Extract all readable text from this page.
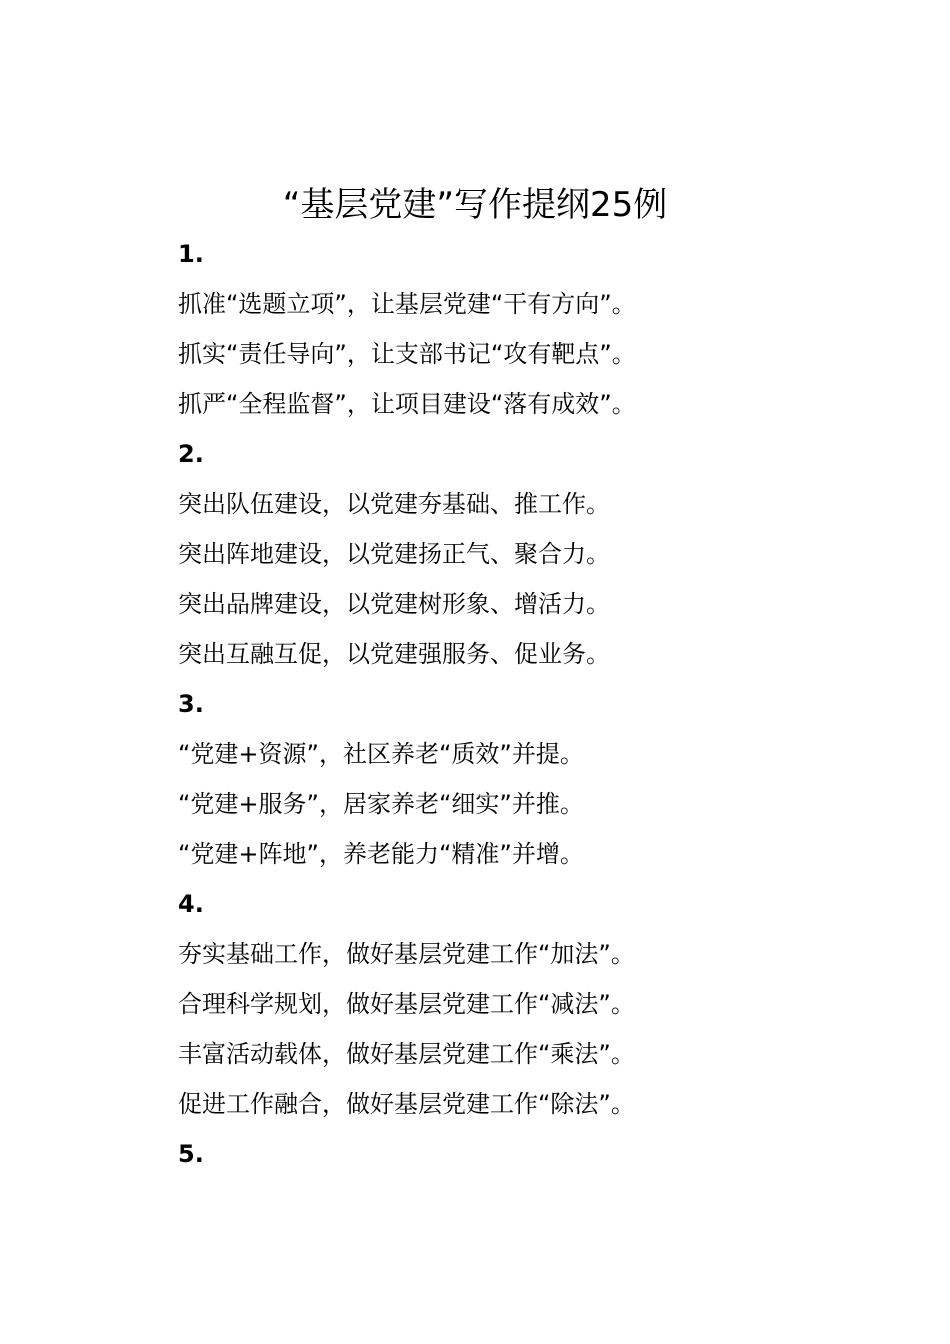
“基层党建”写作提纲25例
1.
抓准“选题立项”，让基层党建“干有方向”。
抓实“责任导向”，让支部书记“攻有靶点”。
抓严“全程监督”，让项目建设“落有成效”。
2.
突出队伍建设，以党建夯基础、推工作。
突出阵地建设，以党建扬正气、聚合力。
突出品牌建设，以党建树形象、增活力。
突出互融互促，以党建强服务、促业务。
3.
“党建+资源”，社区养老“质效”并提。
“党建+服务”，居家养老“细实”并推。
“党建+阵地”，养老能力“精准”并增。
4.
夯实基础工作，做好基层党建工作“加法”。
合理科学规划，做好基层党建工作“减法”。
丰富活动载体，做好基层党建工作“乘法”。
促进工作融合，做好基层党建工作“除法”。
5.
